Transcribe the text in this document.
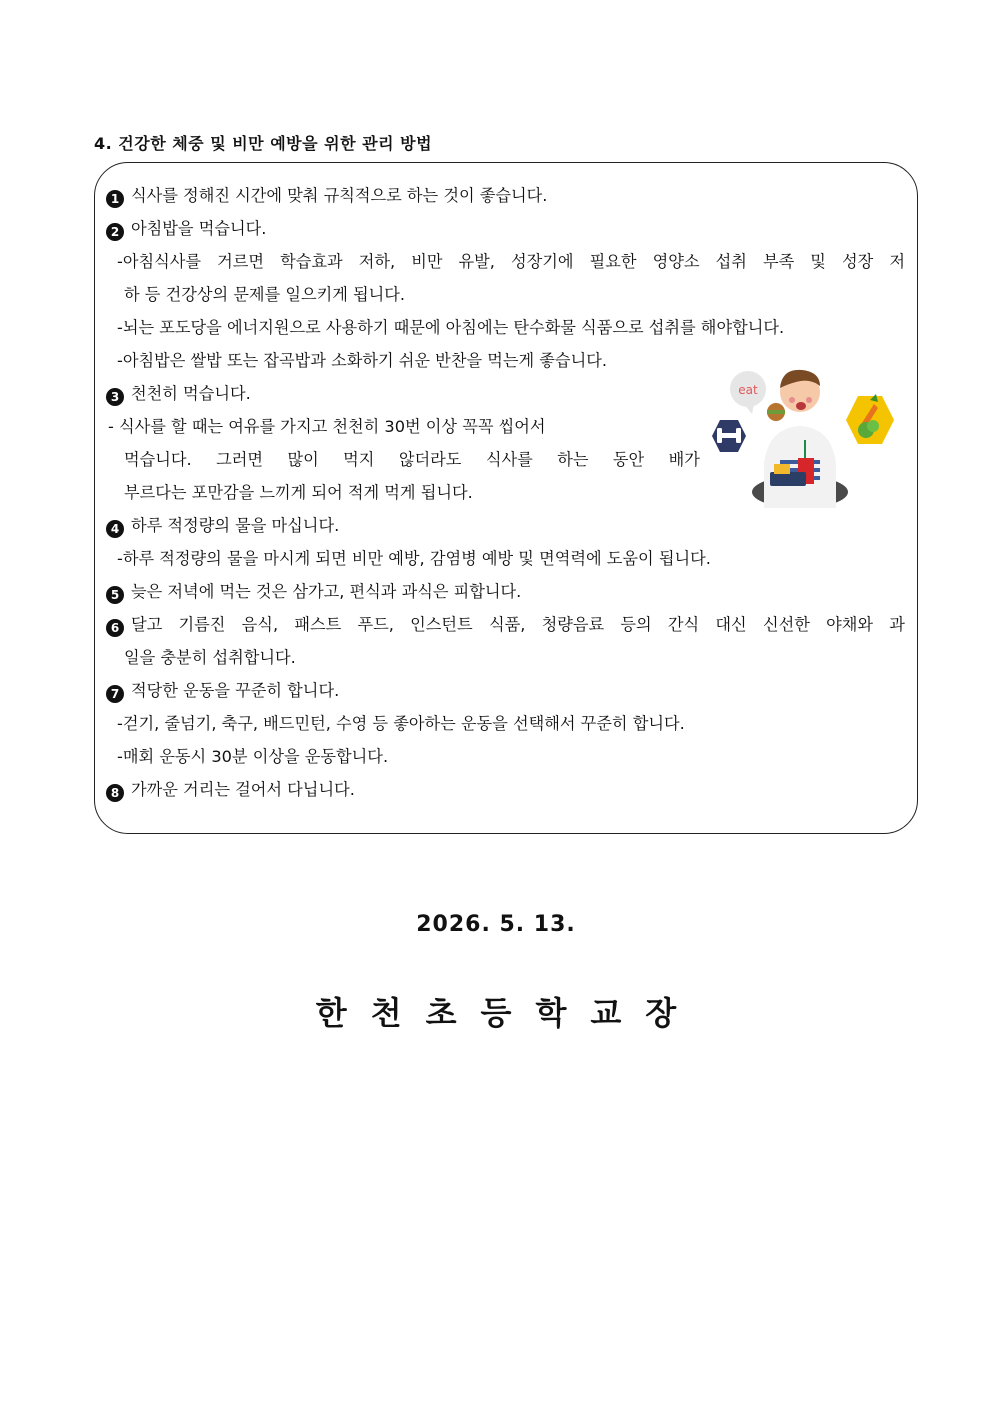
4. 건강한 체중 및 비만 예방을 위한 관리 방법
1 식사를 정해진 시간에 맞춰 규칙적으로 하는 것이 좋습니다.
2 아침밥을 먹습니다.
-아침식사를 거르면 학습효과 저하, 비만 유발, 성장기에 필요한 영양소 섭취 부족 및 성장 저
하 등 건강상의 문제를 일으키게 됩니다.
-뇌는 포도당을 에너지원으로 사용하기 때문에 아침에는 탄수화물 식품으로 섭취를 해야합니다.
-아침밥은 쌀밥 또는 잡곡밥과 소화하기 쉬운 반찬을 먹는게 좋습니다.
3 천천히 먹습니다.
- 식사를 할 때는 여유를 가지고 천천히 30번 이상 꼭꼭 씹어서
먹습니다. 그러면 많이 먹지 않더라도 식사를 하는 동안 배가
부르다는 포만감을 느끼게 되어 적게 먹게 됩니다.
4 하루 적정량의 물을 마십니다.
-하루 적정량의 물을 마시게 되면 비만 예방, 감염병 예방 및 면역력에 도움이 됩니다.
5 늦은 저녁에 먹는 것은 삼가고, 편식과 과식은 피합니다.
6 달고 기름진 음식, 패스트 푸드, 인스턴트 식품, 청량음료 등의 간식 대신 신선한 야채와 과
일을 충분히 섭취합니다.
7 적당한 운동을 꾸준히 합니다.
-걷기, 줄넘기, 축구, 배드민턴, 수영 등 좋아하는 운동을 선택해서 꾸준히 합니다.
-매회 운동시 30분 이상을 운동합니다.
8 가까운 거리는 걸어서 다닙니다.
eat
2026. 5. 13.
한천초등학교장
